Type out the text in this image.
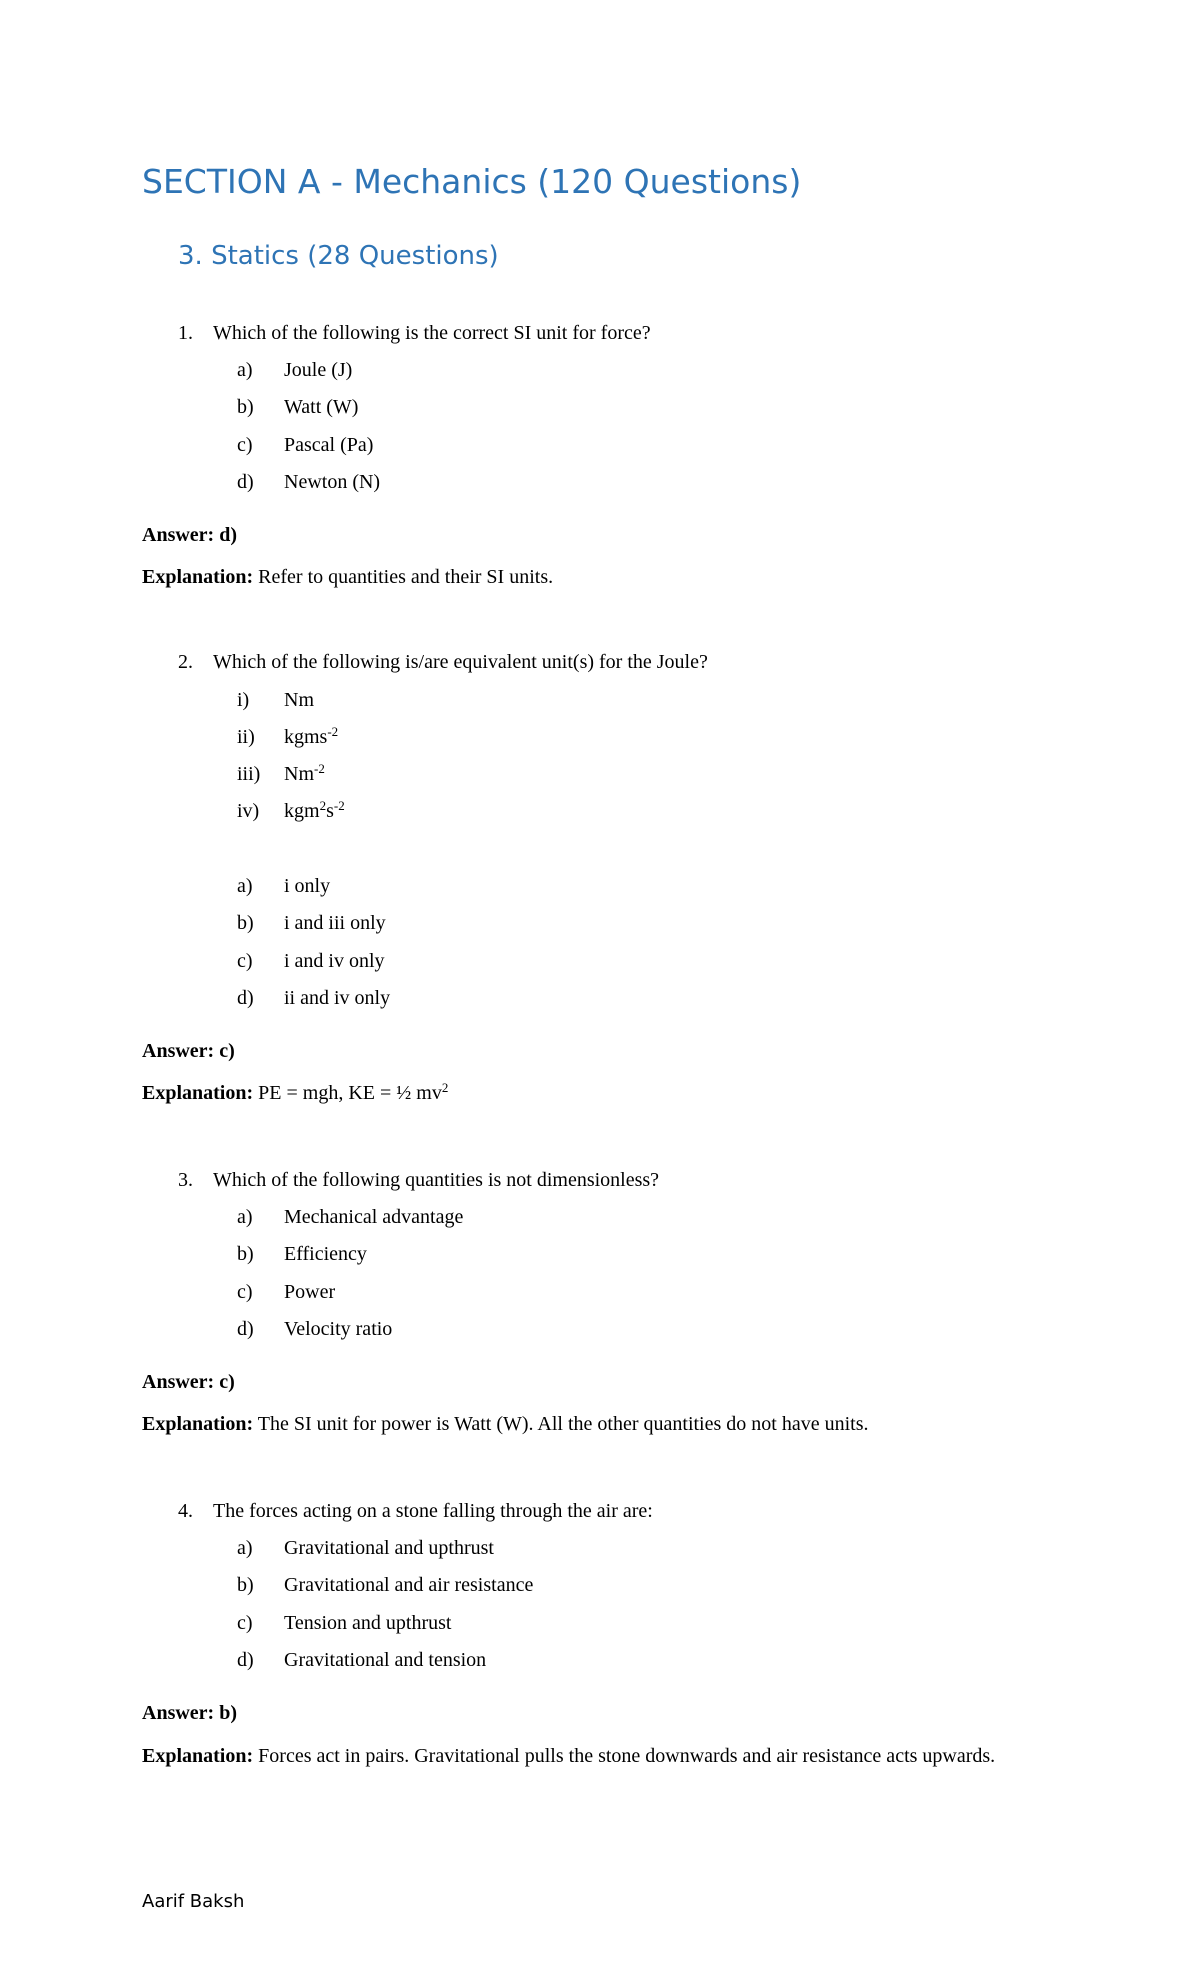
SECTION A - Mechanics (120 Questions)
3. Statics (28 Questions)
1. Which of the following is the correct SI unit for force?
a) Joule (J)
b) Watt (W)
c) Pascal (Pa)
d) Newton (N)
Answer: d)
Explanation: Refer to quantities and their SI units.
2. Which of the following is/are equivalent unit(s) for the Joule?
i) Nm
ii) kgms$^{-2}$
iii) $Nm^{-2}$
iv) $kgm^2s^{-2}$
a) i only
b) i and iii only
c) i and iv only
d) ii and iv only
Answer: c)
Explanation: PE = mgh, KE = ½ $mv^2$
3. Which of the following quantities is not dimensionless?
a) Mechanical advantage
b) Efficiency
c) Power
d) Velocity ratio
Answer: c)
Explanation: The SI unit for power is Watt (W). All the other quantities do not have units.
4. The forces acting on a stone falling through the air are:
a) Gravitational and upthrust
b) Gravitational and air resistance
c) Tension and upthrust
d) Gravitational and tension
Answer: b)
Explanation: Forces act in pairs. Gravitational pulls the stone downwards and air resistance acts upwards.
Aarif Baksh
